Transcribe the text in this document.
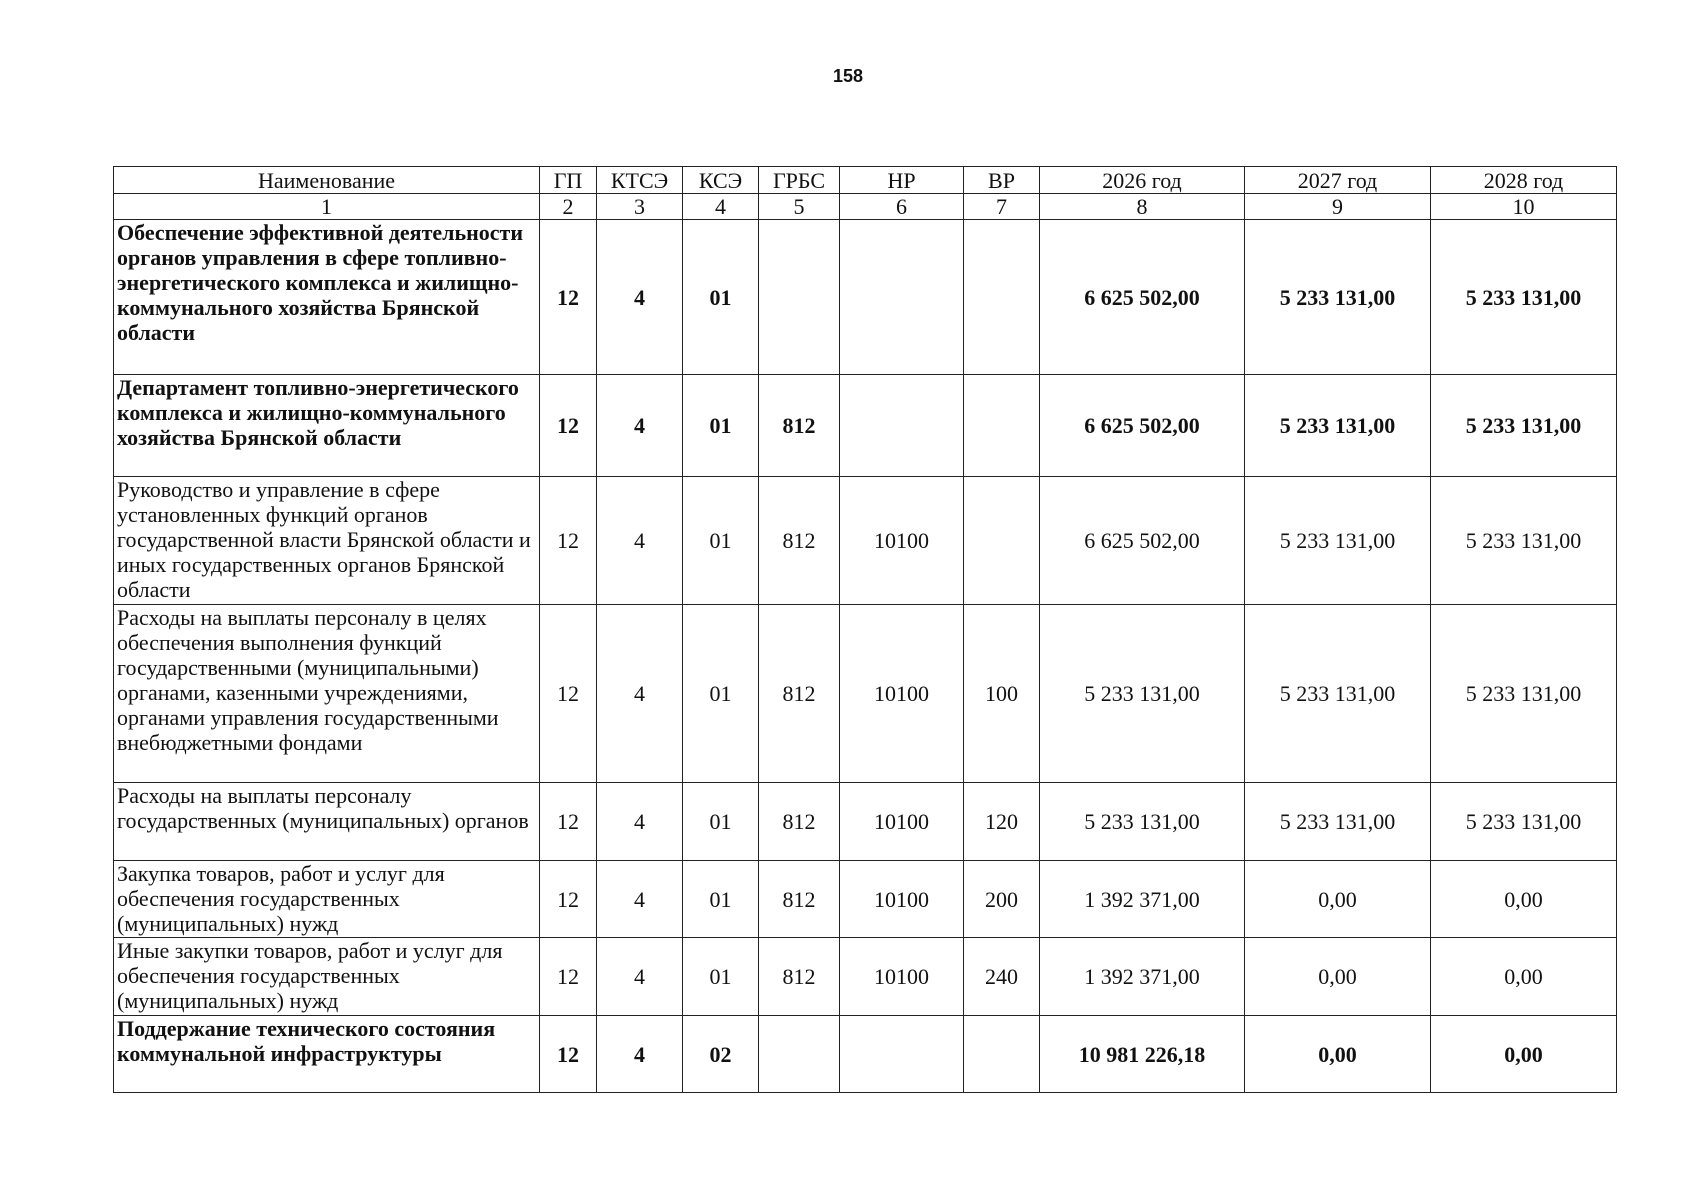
158
Наименование	ГП	КТСЭ	КСЭ	ГРБС	НР	ВР	2026 год	2027 год	2028 год
1	2	3	4	5	6	7	8	9	10
Обеспечение эффективной деятельности органов управления в сфере топливно-энергетического комплекса и жилищно-коммунального хозяйства Брянской области	12	4	01				6 625 502,00	5 233 131,00	5 233 131,00
Департамент топливно-энергетического комплекса и жилищно-коммунального хозяйства Брянской области	12	4	01	812			6 625 502,00	5 233 131,00	5 233 131,00
Руководство и управление в сфере установленных функций органов государственной власти Брянской области и иных государственных органов Брянской области	12	4	01	812	10100		6 625 502,00	5 233 131,00	5 233 131,00
Расходы на выплаты персоналу в целях обеспечения выполнения функций государственными (муниципальными) органами, казенными учреждениями, органами управления государственными внебюджетными фондами	12	4	01	812	10100	100	5 233 131,00	5 233 131,00	5 233 131,00
Расходы на выплаты персоналу государственных (муниципальных) органов	12	4	01	812	10100	120	5 233 131,00	5 233 131,00	5 233 131,00
Закупка товаров, работ и услуг для обеспечения государственных (муниципальных) нужд	12	4	01	812	10100	200	1 392 371,00	0,00	0,00
Иные закупки товаров, работ и услуг для обеспечения государственных (муниципальных) нужд	12	4	01	812	10100	240	1 392 371,00	0,00	0,00
Поддержание технического состояния коммунальной инфраструктуры	12	4	02				10 981 226,18	0,00	0,00
